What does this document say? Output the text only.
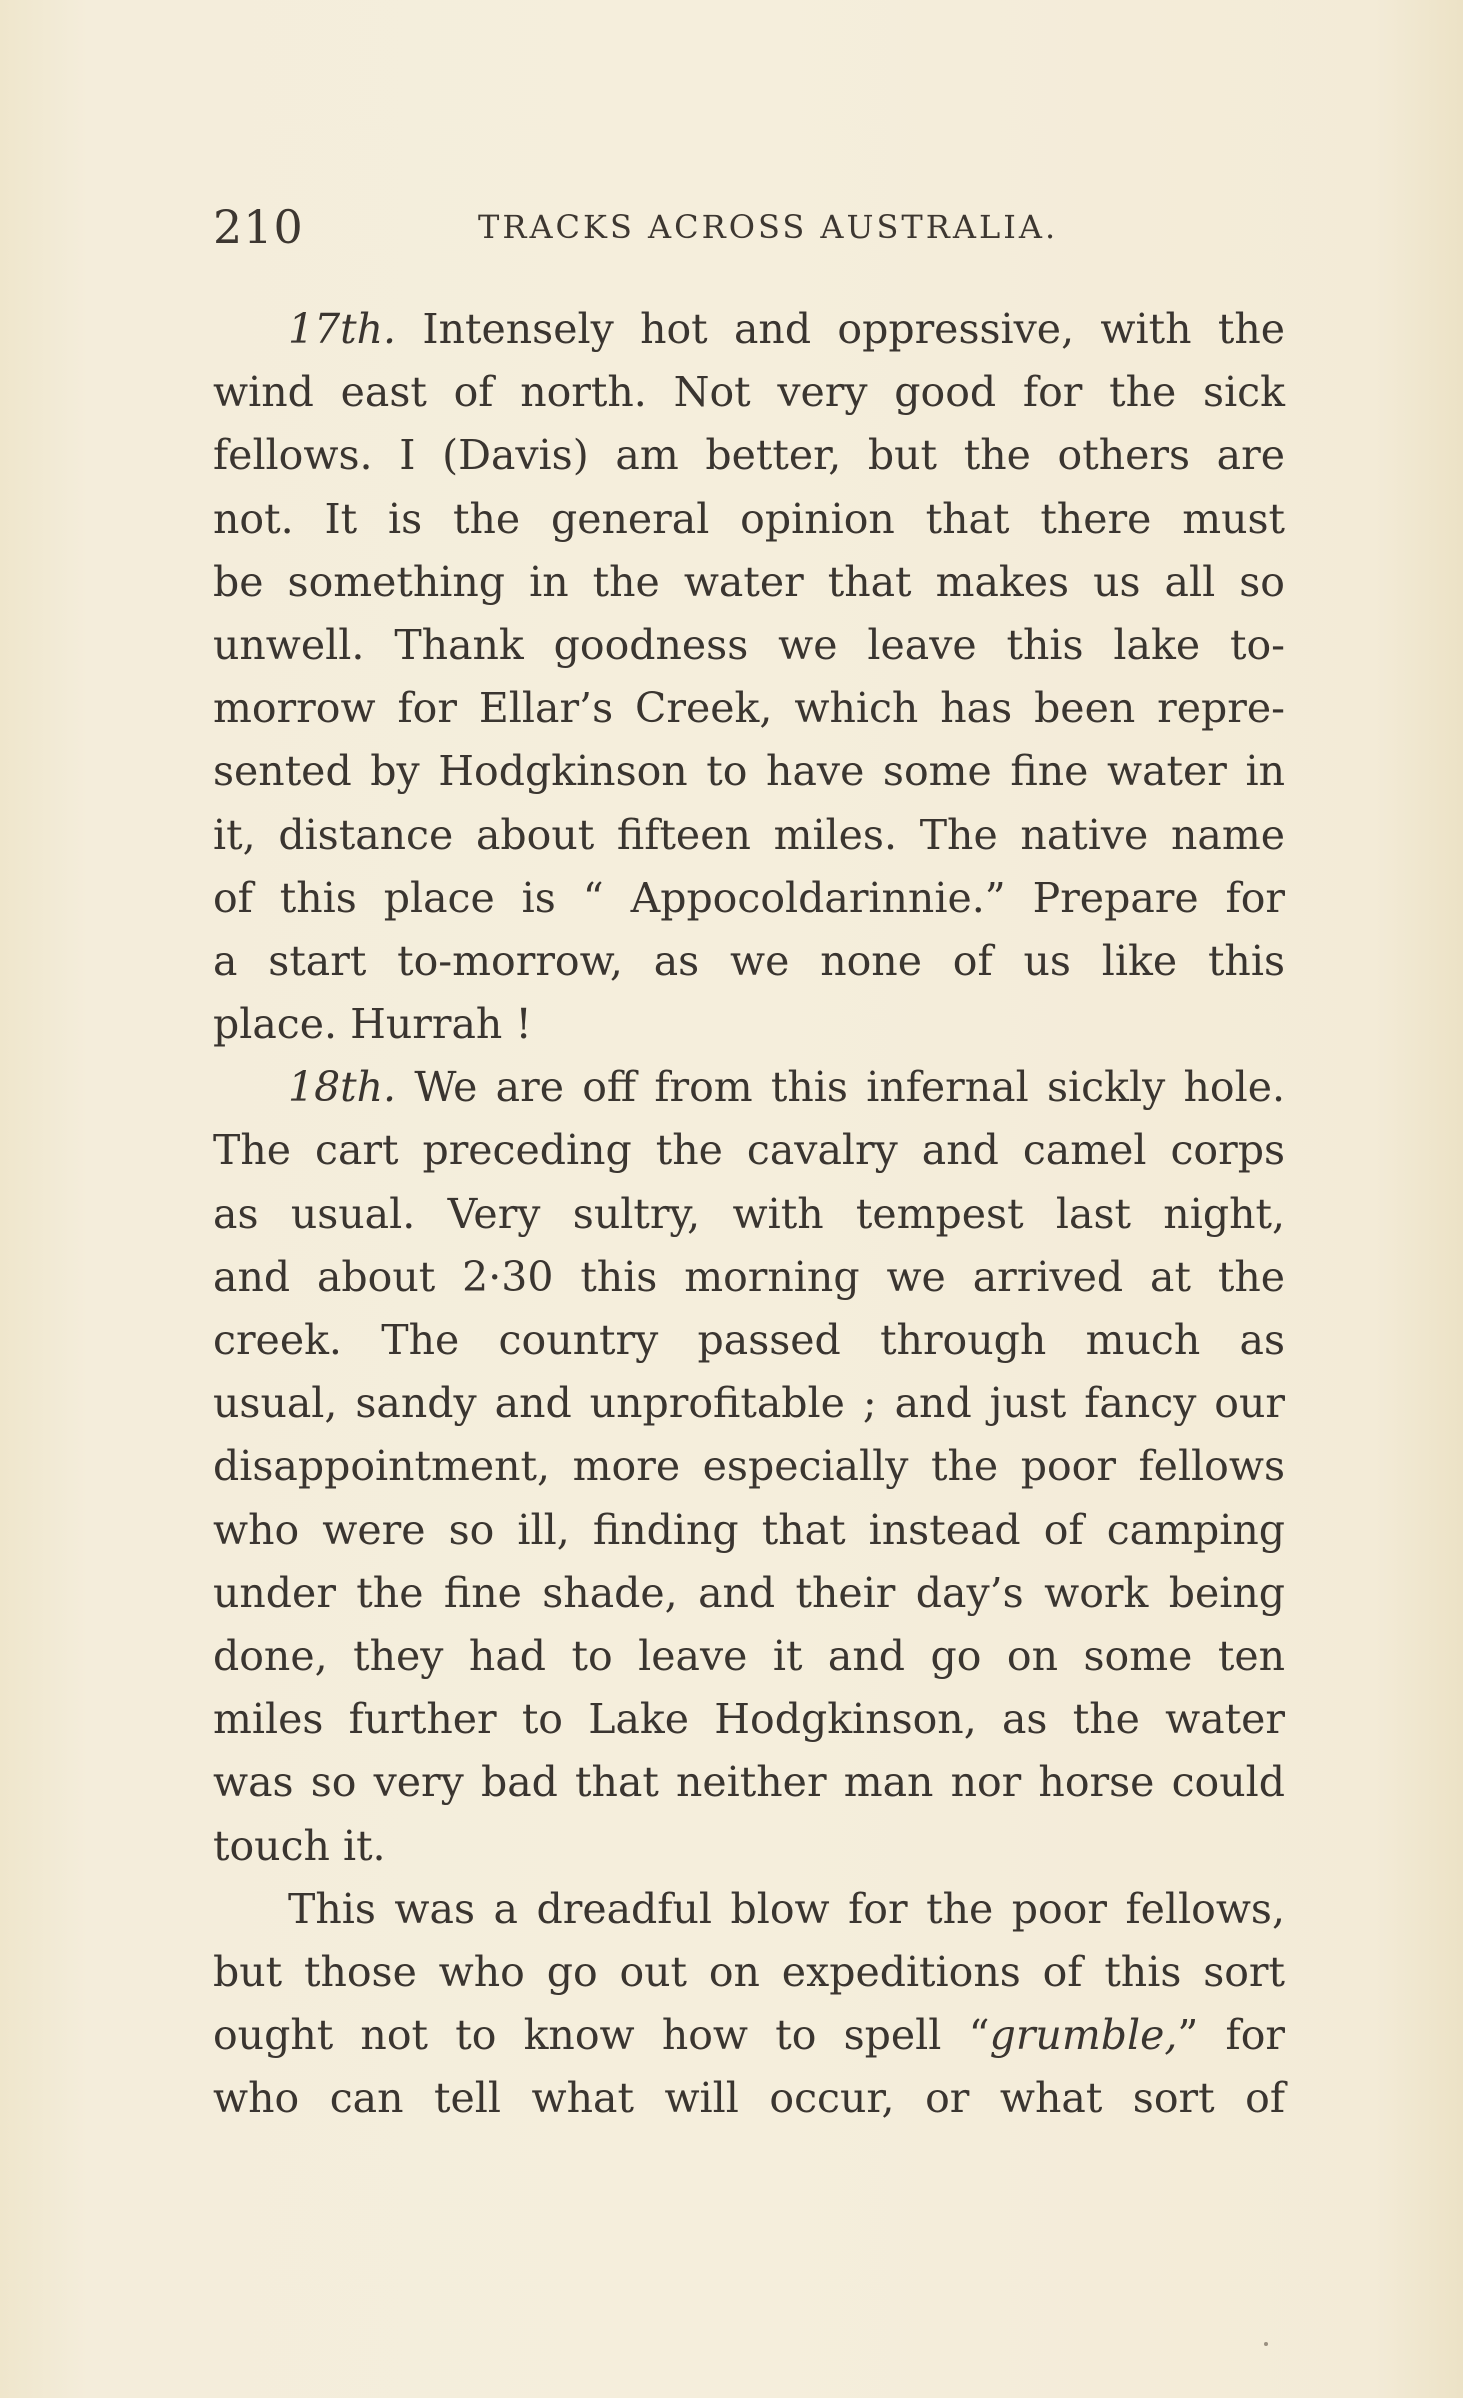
210	TRACKS ACROSS AUSTRALIA.
17th. Intensely hot and oppressive, with the
wind east of north. Not very good for the sick
fellows. I (Davis) am better, but the others are
not. It is the general opinion that there must
be something in the water that makes us all so
unwell. Thank goodness we leave this lake to-
morrow for Ellar’s Creek, which has been repre-
sented by Hodgkinson to have some fine water in
it, distance about fifteen miles. The native name
of this place is “ Appocoldarinnie.” Prepare for
a start to-morrow, as we none of us like this
place. Hurrah !
18th. We are off from this infernal sickly hole.
The cart preceding the cavalry and camel corps
as usual. Very sultry, with tempest last night,
and about 2·30 this morning we arrived at the
creek. The country passed through much as
usual, sandy and unprofitable ; and just fancy our
disappointment, more especially the poor fellows
who were so ill, finding that instead of camping
under the fine shade, and their day’s work being
done, they had to leave it and go on some ten
miles further to Lake Hodgkinson, as the water
was so very bad that neither man nor horse could
touch it.
This was a dreadful blow for the poor fellows,
but those who go out on expeditions of this sort
ought not to know how to spell “grumble,” for
who can tell what will occur, or what sort of
